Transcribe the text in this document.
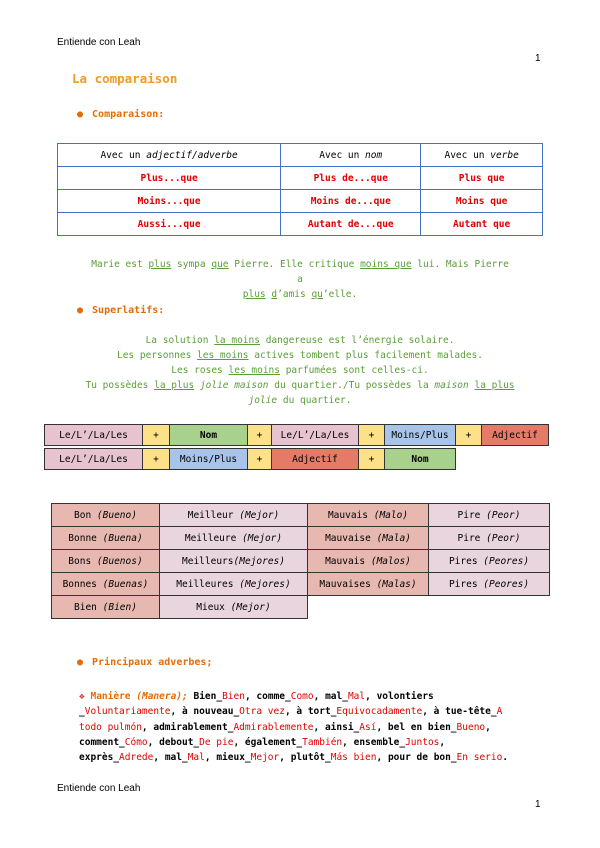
Entiende con Leah
1
La comparaison
● Comparaison:
Avec un adjectif/adverbe	Avec un nom	Avec un verbe
Plus...que	Plus de...que	Plus que
Moins...que	Moins de...que	Moins que
Aussi...que	Autant de...que	Autant que
Marie est plus sympa que Pierre. Elle critique moins que lui. Mais Pierre a
plus d’amis qu’elle.
● Superlatifs:
La solution la moins dangereuse est l’énergie solaire.
Les personnes les moins actives tombent plus facilement malades.
Les roses les moins parfumées sont celles-ci.
Tu possèdes la plus jolie maison du quartier./Tu possèdes la maison la plus
jolie du quartier.
Le/L’/La/Les	+	Nom	+	Le/L’/La/Les	+	Moins/Plus	+	Adjectif
Le/L’/La/Les	+	Moins/Plus	+	Adjectif	+	Nom
Bon (Bueno)	Meilleur (Mejor)	Mauvais (Malo)	Pire (Peor)
Bonne (Buena)	Meilleure (Mejor)	Mauvaise (Mala)	Pire (Peor)
Bons (Buenos)	Meilleurs(Mejores)	Mauvais (Malos)	Pires (Peores)
Bonnes (Buenas)	Meilleures (Mejores)	Mauvaises (Malas)	Pires (Peores)
Bien (Bien)	Mieux (Mejor)		
● Principaux adverbes;
❖ Manière (Manera); Bien_Bien, comme_Como, mal_Mal, volontiers _Voluntariamente, à nouveau_Otra vez, à tort_Equivocadamente, à tue-tête_A todo pulmón, admirablement_Admirablemente, ainsi_Así, bel en bien_Bueno, comment_Cómo, debout_De pie, également_También, ensemble_Juntos, exprès_Adrede, mal_Mal, mieux_Mejor, plutôt_Más bien, pour de bon_En serio.
Entiende con Leah
1
